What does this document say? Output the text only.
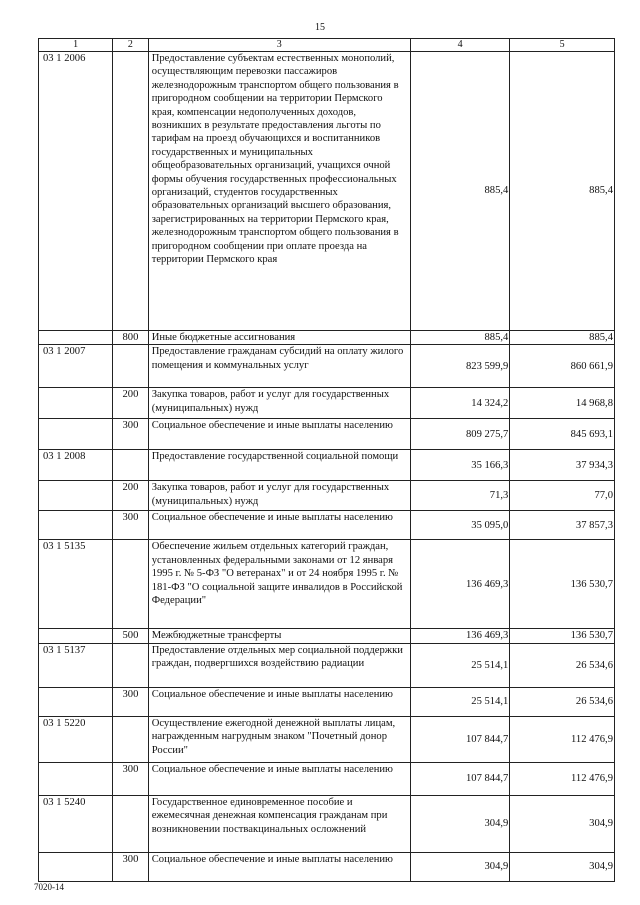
15
1	2	3	4	5
03 1 2006		Предоставление субъектам естественных монополий, осуществляющим перевозки пассажиров железнодорожным транспортом общего пользования в пригородном сообщении на территории Пермского края, компенсации недополученных доходов, возникших в результате предоставления льготы по тарифам на проезд обучающихся и воспитанников государственных и муниципальных общеобразовательных организаций, учащихся очной формы обучения государственных профессиональных организаций, студентов государственных образовательных организаций высшего образования, зарегистрированных на территории Пермского края, железнодорожным транспортом общего пользования в пригородном сообщении при оплате проезда на территории Пермского края	885,4	885,4
	800	Иные бюджетные ассигнования	885,4	885,4
03 1 2007		Предоставление гражданам субсидий на оплату жилого помещения и коммунальных услуг	823 599,9	860 661,9
	200	Закупка товаров, работ и услуг для государственных (муниципальных) нужд	14 324,2	14 968,8
	300	Социальное обеспечение и иные выплаты населению	809 275,7	845 693,1
03 1 2008		Предоставление государственной социальной помощи	35 166,3	37 934,3
	200	Закупка товаров, работ и услуг для государственных (муниципальных) нужд	71,3	77,0
	300	Социальное обеспечение и иные выплаты населению	35 095,0	37 857,3
03 1 5135		Обеспечение жильем отдельных категорий граждан, установленных федеральными законами от 12 января 1995 г. № 5-ФЗ "О ветеранах" и от 24 ноября 1995 г. № 181-ФЗ "О социальной защите инвалидов в Российской Федерации"	136 469,3	136 530,7
	500	Межбюджетные трансферты	136 469,3	136 530,7
03 1 5137		Предоставление отдельных мер социальной поддержки граждан, подвергшихся воздействию радиации	25 514,1	26 534,6
	300	Социальное обеспечение и иные выплаты населению	25 514,1	26 534,6
03 1 5220		Осуществление ежегодной денежной выплаты лицам, награжденным нагрудным знаком "Почетный донор России"	107 844,7	112 476,9
	300	Социальное обеспечение и иные выплаты населению	107 844,7	112 476,9
03 1 5240		Государственное единовременное пособие и ежемесячная денежная компенсация гражданам при возникновении поствакцинальных осложнений	304,9	304,9
	300	Социальное обеспечение и иные выплаты населению	304,9	304,9
7020-14
